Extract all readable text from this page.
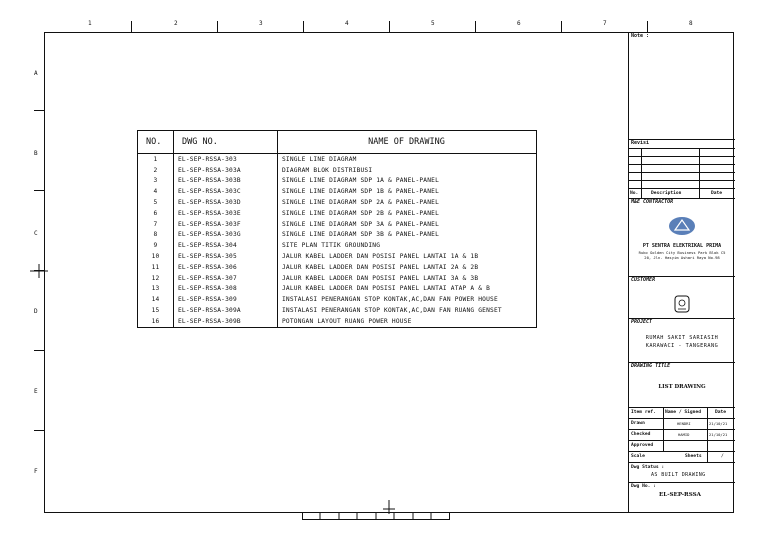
1	2	3	4	5	6	7	8
A
B
C
D
E
F
NO.	DWG NO.	NAME OF DRAWING
1	EL-SEP-RSSA-303	SINGLE LINE DIAGRAM
2	EL-SEP-RSSA-303A	DIAGRAM BLOK DISTRIBUSI
3	EL-SEP-RSSA-303B	SINGLE LINE DIAGRAM SDP 1A & PANEL-PANEL
4	EL-SEP-RSSA-303C	SINGLE LINE DIAGRAM SDP 1B & PANEL-PANEL
5	EL-SEP-RSSA-303D	SINGLE LINE DIAGRAM SDP 2A & PANEL-PANEL
6	EL-SEP-RSSA-303E	SINGLE LINE DIAGRAM SDP 2B & PANEL-PANEL
7	EL-SEP-RSSA-303F	SINGLE LINE DIAGRAM SDP 3A & PANEL-PANEL
8	EL-SEP-RSSA-303G	SINGLE LINE DIAGRAM SDP 3B & PANEL-PANEL
9	EL-SEP-RSSA-304	SITE PLAN TITIK GROUNDING
10	EL-SEP-RSSA-305	JALUR KABEL LADDER DAN POSISI PANEL LANTAI 1A & 1B
11	EL-SEP-RSSA-306	JALUR KABEL LADDER DAN POSISI PANEL LANTAI 2A & 2B
12	EL-SEP-RSSA-307	JALUR KABEL LADDER DAN POSISI PANEL LANTAI 3A & 3B
13	EL-SEP-RSSA-308	JALUR KABEL LADDER DAN POSISI PANEL LANTAI ATAP A & B
14	EL-SEP-RSSA-309	INSTALASI PENERANGAN STOP KONTAK,AC,DAN FAN POWER HOUSE
15	EL-SEP-RSSA-309A	INSTALASI PENERANGAN STOP KONTAK,AC,DAN FAN RUANG GENSET
16	EL-SEP-RSSA-309B	POTONGAN LAYOUT RUANG POWER HOUSE
Note :
Revisi
No.	Description	Date
M&E CONTRACTOR
PT SENTRA ELEKTRIKAL PRIMA
Ruko Golden City Business Park Blok C5
20, Jln. Hasyim Ashari Raya No.98
CUSTOMER
PROJECT
RUMAH SAKIT SARIASIH
KARAWACI - TANGERANG
DRAWING TITLE
LIST DRAWING
Item ref. Name / Signed	Date
Drawn	HENDRI	21/10/21
Checked	HAMID	21/10/21
Approved
Scale	Sheets	/
Dwg Status :
AS BUILT DRAWING
Dwg No. :
EL-SEP-RSSA
